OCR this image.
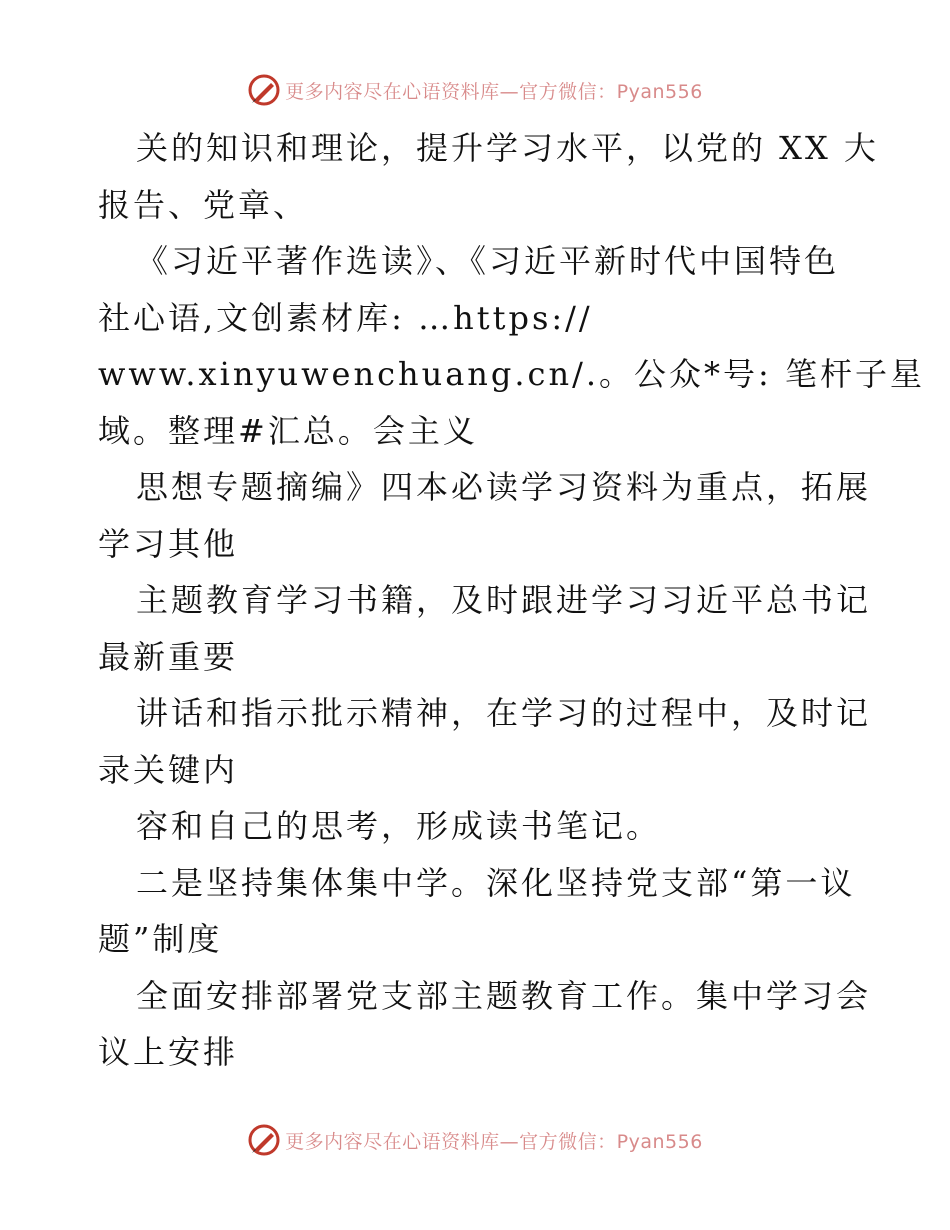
更多内容尽在心语资料库—官方微信：Pyan556
关的知识和理论，提升学习水平，以党的 XX 大
报告、党章、
《习近平著作选读》、《习近平新时代中国特色
社心语,文创素材库: …https://
www.xinyuwenchuang.cn/.。公众*号: 笔杆子星
域。整理#汇总。会主义
思想专题摘编》四本必读学习资料为重点，拓展
学习其他
主题教育学习书籍，及时跟进学习习近平总书记
最新重要
讲话和指示批示精神，在学习的过程中，及时记
录关键内
容和自己的思考，形成读书笔记。
二是坚持集体集中学。深化坚持党支部“第一议
题”制度
全面安排部署党支部主题教育工作。集中学习会
议上安排
更多内容尽在心语资料库—官方微信：Pyan556
